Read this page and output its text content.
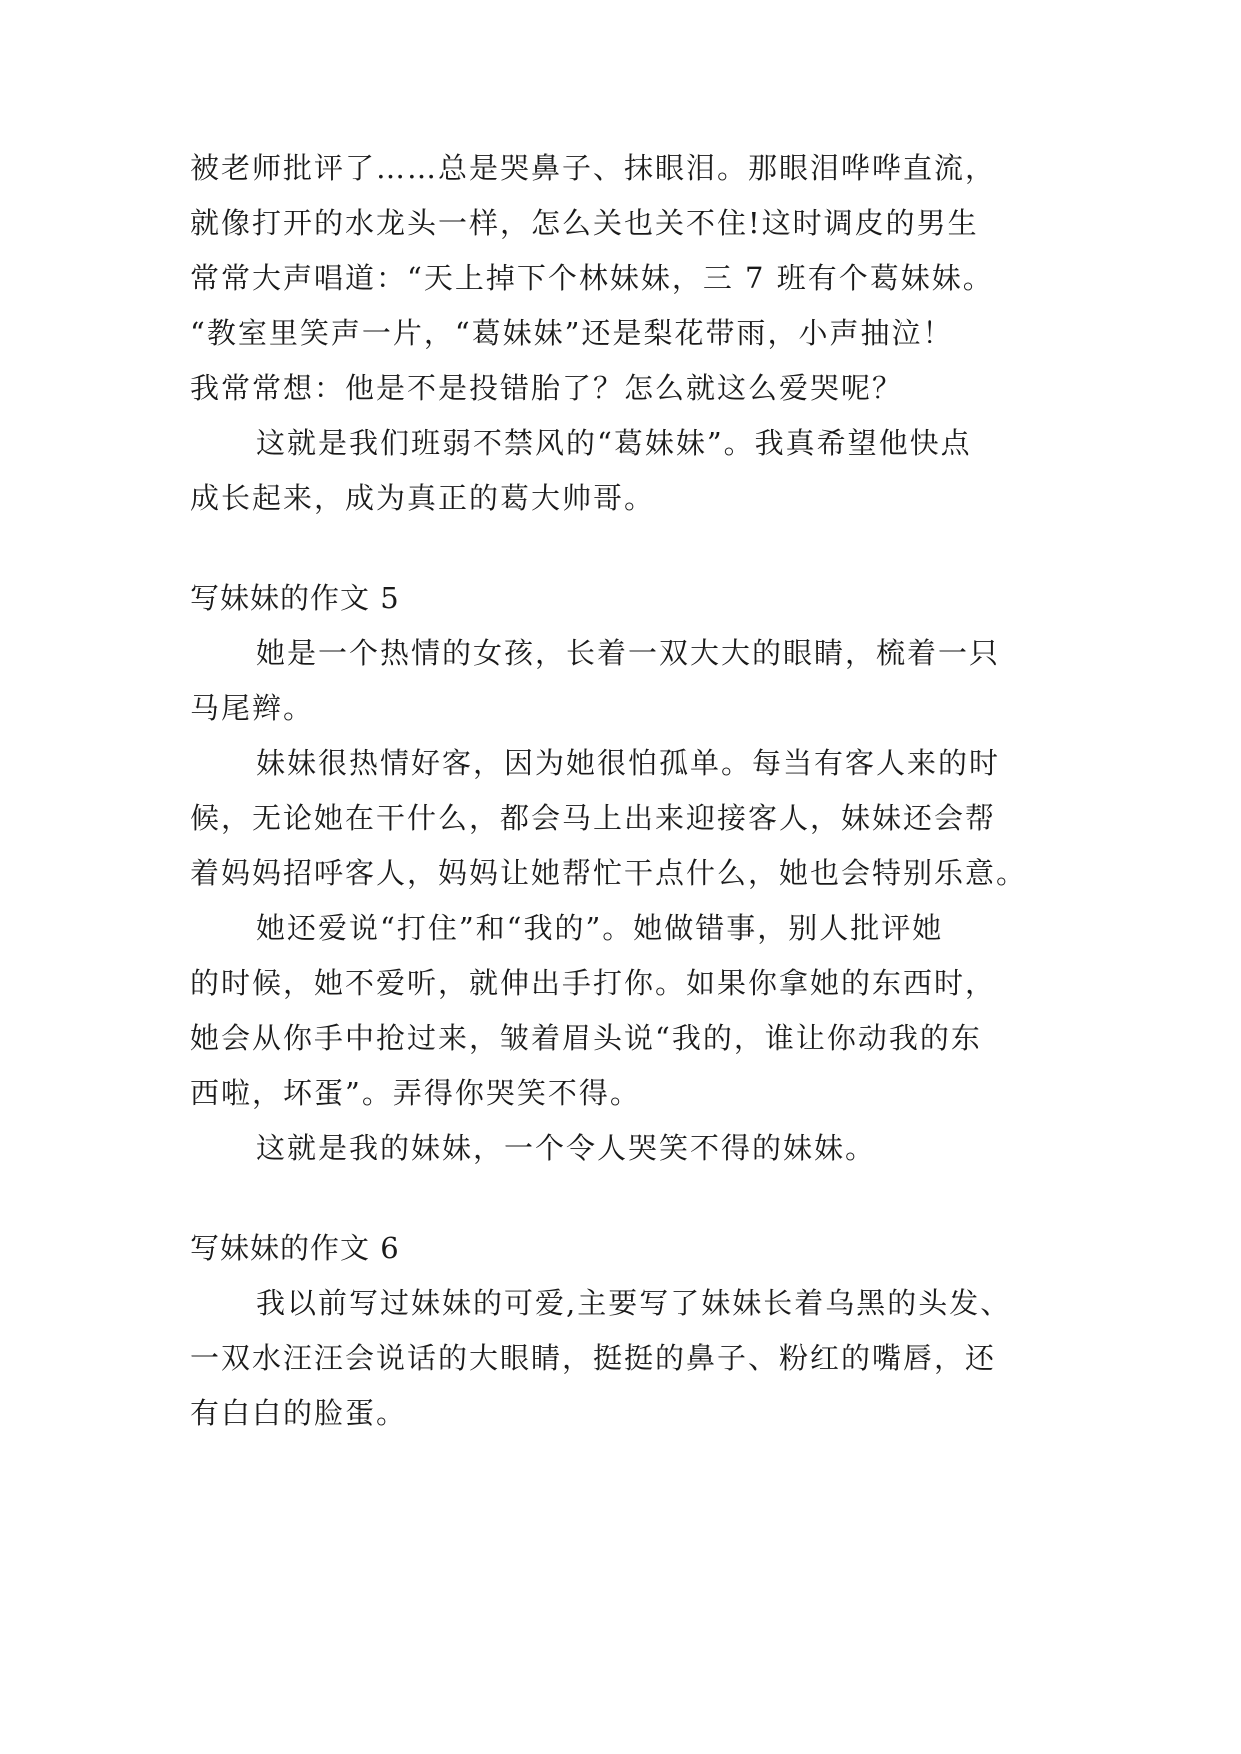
被老师批评了……总是哭鼻子、抹眼泪。那眼泪哗哗直流，
就像打开的水龙头一样，怎么关也关不住!这时调皮的男生
常常大声唱道：“天上掉下个林妹妹，三 7 班有个葛妹妹。
“教室里笑声一片，“葛妹妹”还是梨花带雨，小声抽泣！
我常常想：他是不是投错胎了？怎么就这么爱哭呢？
这就是我们班弱不禁风的“葛妹妹”。我真希望他快点
成长起来，成为真正的葛大帅哥。
写妹妹的作文 5
她是一个热情的女孩，长着一双大大的眼睛，梳着一只
马尾辫。
妹妹很热情好客，因为她很怕孤单。每当有客人来的时
候，无论她在干什么，都会马上出来迎接客人，妹妹还会帮
着妈妈招呼客人，妈妈让她帮忙干点什么，她也会特别乐意。
她还爱说“打住”和“我的”。她做错事，别人批评她
的时候，她不爱听，就伸出手打你。如果你拿她的东西时，
她会从你手中抢过来，皱着眉头说“我的，谁让你动我的东
西啦，坏蛋”。弄得你哭笑不得。
这就是我的妹妹，一个令人哭笑不得的妹妹。
写妹妹的作文 6
我以前写过妹妹的可爱,主要写了妹妹长着乌黑的头发、
一双水汪汪会说话的大眼睛，挺挺的鼻子、粉红的嘴唇，还
有白白的脸蛋。
